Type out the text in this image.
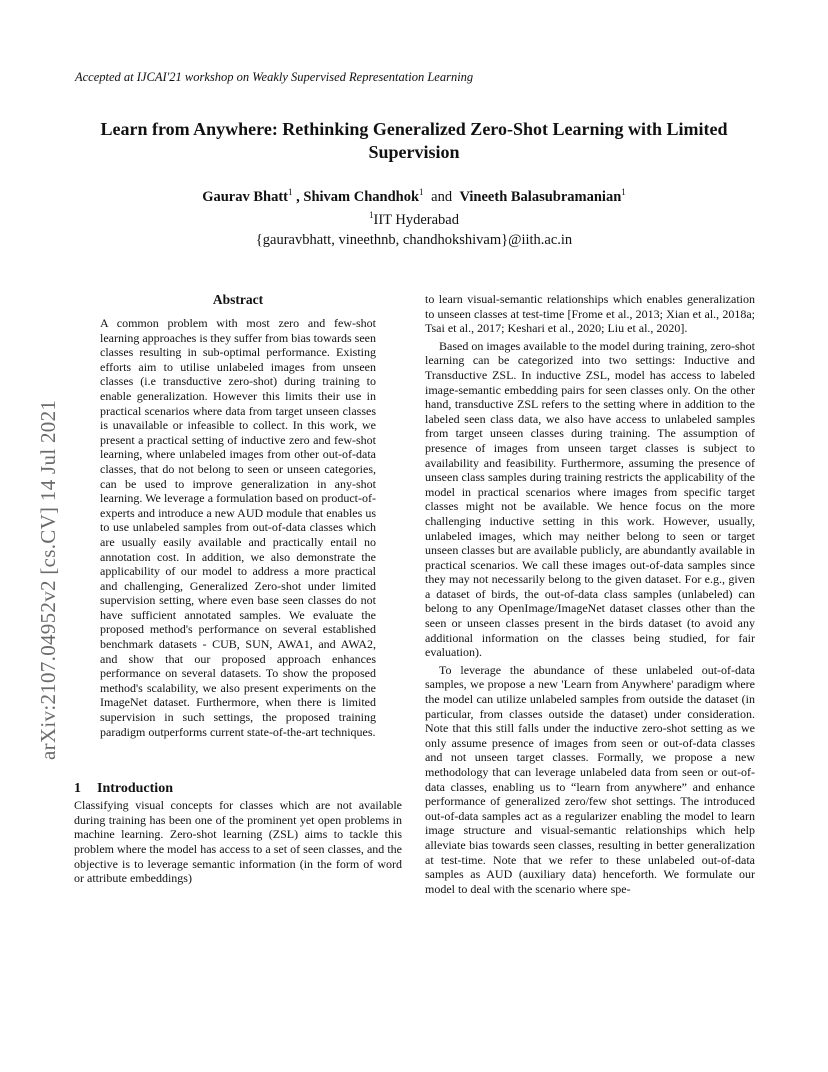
Accepted at IJCAI'21 workshop on Weakly Supervised Representation Learning
arXiv:2107.04952v2 [cs.CV] 14 Jul 2021
Learn from Anywhere: Rethinking Generalized Zero-Shot Learning with Limited Supervision
Gaurav Bhatt$^1$ , Shivam Chandhok$^1$ and Vineeth Balasubramanian$^1$
$^1$IIT Hyderabad
{gauravbhatt, vineethnb, chandhokshivam}@iith.ac.in
Abstract

A common problem with most zero and few-shot learning approaches is they suffer from bias towards seen classes resulting in sub-optimal performance. Existing efforts aim to utilise unlabeled images from unseen classes (i.e transductive zero-shot) during training to enable generalization. However this limits their use in practical scenarios where data from target unseen classes is unavailable or infeasible to collect. In this work, we present a practical setting of inductive zero and few-shot learning, where unlabeled images from other out-of-data classes, that do not belong to seen or unseen categories, can be used to improve generalization in any-shot learning. We leverage a formulation based on product-of-experts and introduce a new AUD module that enables us to use unlabeled samples from out-of-data classes which are usually easily available and practically entail no annotation cost. In addition, we also demonstrate the applicability of our model to address a more practical and challenging, Generalized Zero-shot under limited supervision setting, where even base seen classes do not have sufficient annotated samples. We evaluate the proposed method's performance on several established benchmark datasets - CUB, SUN, AWA1, and AWA2, and show that our proposed approach enhances performance on several datasets. To show the proposed method's scalability, we also present experiments on the ImageNet dataset. Furthermore, when there is limited supervision in such settings, the proposed training paradigm outperforms current state-of-the-art techniques.

1 Introduction

Classifying visual concepts for classes which are not available during training has been one of the prominent yet open problems in machine learning. Zero-shot learning (ZSL) aims to tackle this problem where the model has access to a set of seen classes, and the objective is to leverage semantic information (in the form of word or attribute embeddings)

to learn visual-semantic relationships which enables generalization to unseen classes at test-time [Frome et al., 2013; Xian et al., 2018a; Tsai et al., 2017; Keshari et al., 2020; Liu et al., 2020].

Based on images available to the model during training, zero-shot learning can be categorized into two settings: Inductive and Transductive ZSL. In inductive ZSL, model has access to labeled image-semantic embedding pairs for seen classes only. On the other hand, transductive ZSL refers to the setting where in addition to the labeled seen class data, we also have access to unlabeled samples from target unseen classes during training. The assumption of presence of images from unseen target classes is subject to availability and feasibility. Furthermore, assuming the presence of unseen class samples during training restricts the applicability of the model in practical scenarios where images from specific target classes might not be available. We hence focus on the more challenging inductive setting in this work. However, usually, unlabeled images, which may neither belong to seen or target unseen classes but are available publicly, are abundantly available in practical scenarios. We call these images out-of-data samples since they may not necessarily belong to the given dataset. For e.g., given a dataset of birds, the out-of-data class samples (unlabeled) can belong to any OpenImage/ImageNet dataset classes other than the seen or unseen classes present in the birds dataset (to avoid any additional information on the classes being studied, for fair evaluation).

To leverage the abundance of these unlabeled out-of-data samples, we propose a new 'Learn from Anywhere' paradigm where the model can utilize unlabeled samples from outside the dataset (in particular, from classes outside the dataset) under consideration. Note that this still falls under the inductive zero-shot setting as we only assume presence of images from seen or out-of-data classes and not unseen target classes. Formally, we propose a new methodology that can leverage unlabeled data from seen or out-of-data classes, enabling us to “learn from anywhere” and enhance performance of generalized zero/few shot settings. The introduced out-of-data samples act as a regularizer enabling the model to learn image structure and visual-semantic relationships which help alleviate bias towards seen classes, resulting in better generalization at test-time. Note that we refer to these unlabeled out-of-data samples as AUD (auxiliary data) henceforth. We formulate our model to deal with the scenario where spe-
